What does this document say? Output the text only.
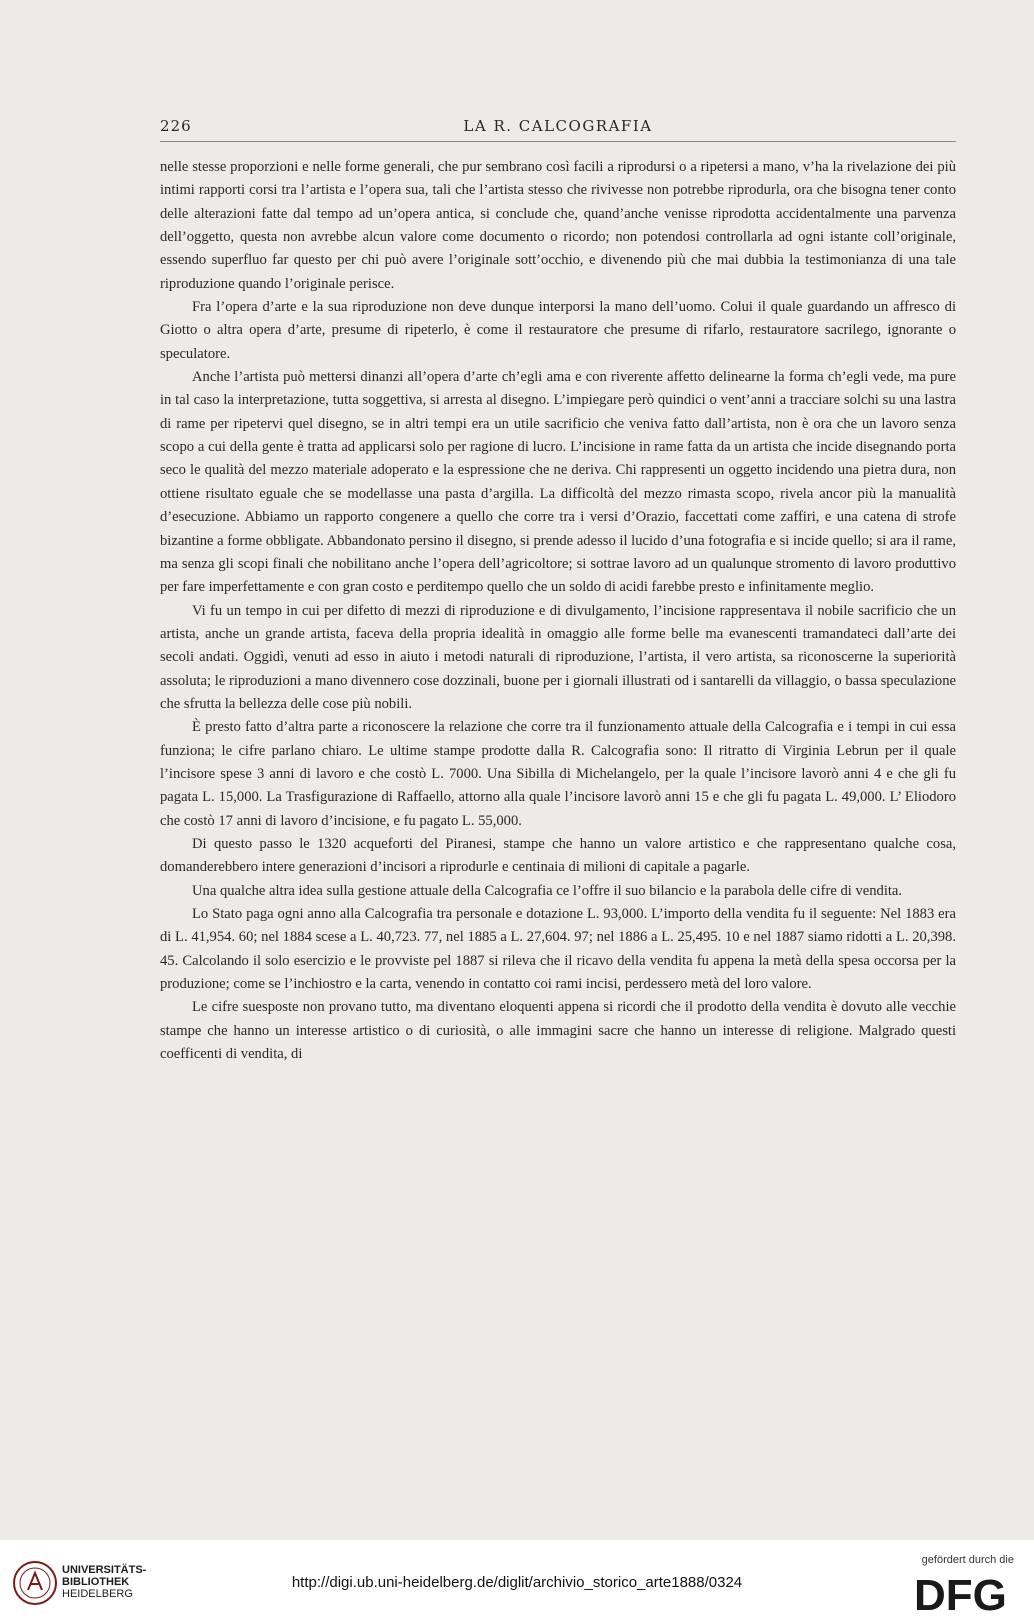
226	LA R. CALCOGRAFIA

nelle stesse proporzioni e nelle forme generali, che pur sembrano così facili a riprodursi o a ripetersi a mano, v’ha la rivelazione dei più intimi rapporti corsi tra l’artista e l’opera sua, tali che l’artista stesso che rivivesse non potrebbe riprodurla, ora che bisogna tener conto delle alterazioni fatte dal tempo ad un’opera antica, si conclude che, quand’anche venisse riprodotta accidentalmente una parvenza dell’oggetto, questa non avrebbe alcun valore come documento o ricordo; non potendosi controllarla ad ogni istante coll’originale, essendo superfluo far questo per chi può avere l’originale sott’occhio, e divenendo più che mai dubbia la testimonianza di una tale riproduzione quando l’originale perisce.

Fra l’opera d’arte e la sua riproduzione non deve dunque interporsi la mano dell’uomo. Colui il quale guardando un affresco di Giotto o altra opera d’arte, presume di ripeterlo, è come il restauratore che presume di rifarlo, restauratore sacrilego, ignorante o speculatore.

Anche l’artista può mettersi dinanzi all’opera d’arte ch’egli ama e con riverente affetto delinearne la forma ch’egli vede, ma pure in tal caso la interpretazione, tutta soggettiva, si arresta al disegno. L’impiegare però quindici o vent’anni a tracciare solchi su una lastra di rame per ripetervi quel disegno, se in altri tempi era un utile sacrificio che veniva fatto dall’artista, non è ora che un lavoro senza scopo a cui della gente è tratta ad applicarsi solo per ragione di lucro. L’incisione in rame fatta da un artista che incide disegnando porta seco le qualità del mezzo materiale adoperato e la espressione che ne deriva. Chi rappresenti un oggetto incidendo una pietra dura, non ottiene risultato eguale che se modellasse una pasta d’argilla. La difficoltà del mezzo rimasta scopo, rivela ancor più la manualità d’esecuzione. Abbiamo un rapporto congenere a quello che corre tra i versi d’Orazio, faccettati come zaffiri, e una catena di strofe bizantine a forme obbligate. Abbandonato persino il disegno, si prende adesso il lucido d’una fotografia e si incide quello; si ara il rame, ma senza gli scopi finali che nobilitano anche l’opera dell’agricoltore; si sottrae lavoro ad un qualunque stromento di lavoro produttivo per fare imperfettamente e con gran costo e perditempo quello che un soldo di acidi farebbe presto e infinitamente meglio.

Vi fu un tempo in cui per difetto di mezzi di riproduzione e di divulgamento, l’incisione rappresentava il nobile sacrificio che un artista, anche un grande artista, faceva della propria idealità in omaggio alle forme belle ma evanescenti tramandateci dall’arte dei secoli andati. Oggidì, venuti ad esso in aiuto i metodi naturali di riproduzione, l’artista, il vero artista, sa riconoscerne la superiorità assoluta; le riproduzioni a mano divennero cose dozzinali, buone per i giornali illustrati od i santarelli da villaggio, o bassa speculazione che sfrutta la bellezza delle cose più nobili.

È presto fatto d’altra parte a riconoscere la relazione che corre tra il funzionamento attuale della Calcografia e i tempi in cui essa funziona; le cifre parlano chiaro. Le ultime stampe prodotte dalla R. Calcografia sono: Il ritratto di Virginia Lebrun per il quale l’incisore spese 3 anni di lavoro e che costò L. 7000. Una Sibilla di Michelangelo, per la quale l’incisore lavorò anni 4 e che gli fu pagata L. 15,000. La Trasfigurazione di Raffaello, attorno alla quale l’incisore lavorò anni 15 e che gli fu pagata L. 49,000. L’ Eliodoro che costò 17 anni di lavoro d’incisione, e fu pagato L. 55,000.

Di questo passo le 1320 acqueforti del Piranesi, stampe che hanno un valore artistico e che rappresentano qualche cosa, domanderebbero intere generazioni d’incisori a riprodurle e centinaia di milioni di capitale a pagarle.

Una qualche altra idea sulla gestione attuale della Calcografia ce l’offre il suo bilancio e la parabola delle cifre di vendita.

Lo Stato paga ogni anno alla Calcografia tra personale e dotazione L. 93,000. L’importo della vendita fu il seguente: Nel 1883 era di L. 41,954. 60; nel 1884 scese a L. 40,723. 77, nel 1885 a L. 27,604. 97; nel 1886 a L. 25,495. 10 e nel 1887 siamo ridotti a L. 20,398. 45. Calcolando il solo esercizio e le provviste pel 1887 si rileva che il ricavo della vendita fu appena la metà della spesa occorsa per la produzione; come se l’inchiostro e la carta, venendo in contatto coi rami incisi, perdessero metà del loro valore.

Le cifre suesposte non provano tutto, ma diventano eloquenti appena si ricordi che il prodotto della vendita è dovuto alle vecchie stampe che hanno un interesse artistico o di curiosità, o alle immagini sacre che hanno un interesse di religione. Malgrado questi coefficenti di vendita, di

UNIVERSITÄTS-
BIBLIOTHEK
HEIDELBERG
http://digi.ub.uni-heidelberg.de/diglit/archivio_storico_arte1888/0324
gefördert durch die
DFG
